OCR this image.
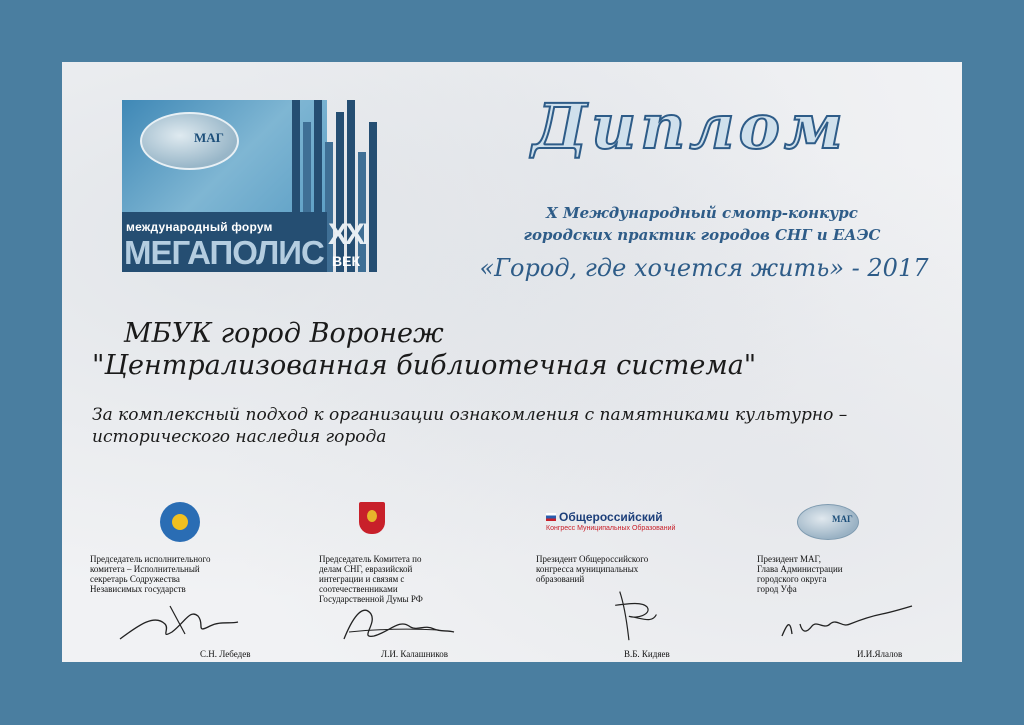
МАГ
международный форум
МЕГАПОЛИС XXI
ВЕК
Диплом
X Международный смотр-конкурс
городских практик городов СНГ и ЕАЭС
«Город, где хочется жить» - 2017
МБУК город Воронеж
"Централизованная библиотечная система"
За комплексный подход к организации ознакомления с памятниками культурно –
исторического наследия города
Председатель исполнительного
комитета – Исполнительный
секретарь Содружества
Независимых государств
С.Н. Лебедев
Председатель Комитета по
делам СНГ, евразийской
интеграции и связям с
соотечественниками
Государственной Думы РФ
Л.И. Калашников
Общероссийский
Конгресс Муниципальных Образований
Президент Общероссийского
конгресса муниципальных
образований
В.Б. Кидяев
МАГ
Президент МАГ,
Глава Администрации
городского округа
город Уфа
И.И.Ялалов
